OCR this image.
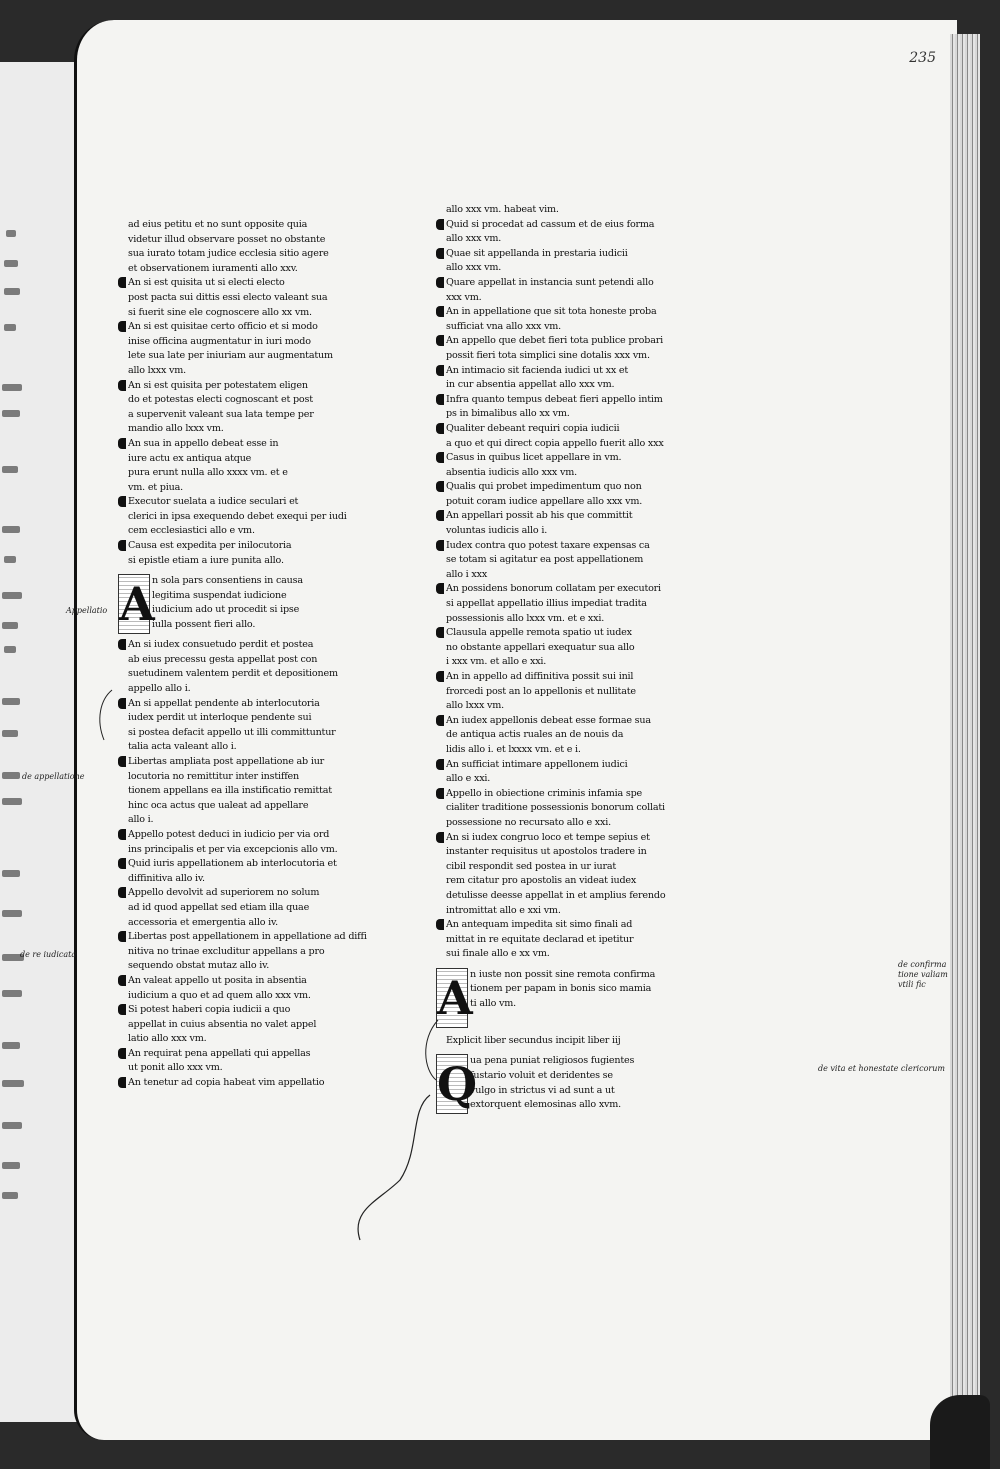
235
Appellatio
de appellatione
de re iudicata
de confirma
tione valiam
vtili fic
de vita et honestate clericorum
ad eius petitu et no sunt opposite quia
videtur illud observare posset no obstante
sua iurato totam judice ecclesia sitio agere
et observationem iuramenti allo xxv.
An si est quisita ut si electi electo
post pacta sui dittis essi electo valeant sua
si fuerit sine ele cognoscere allo xx vm.
An si est quisitae certo officio et si modo
inise officina augmentatur in iuri modo
lete sua late per iniuriam aur augmentatum
allo lxxx vm.
An si est quisita per potestatem eligen
do et potestas electi cognoscant et post
a supervenit valeant sua lata tempe per
mandio allo lxxx vm.
An sua in appello debeat esse in
iure actu ex antiqua atque
pura erunt nulla allo xxxx vm. et e
vm. et piua.
Executor suelata a iudice seculari et
clerici in ipsa exequendo debet exequi per iudi
cem ecclesiastici allo e vm.
Causa est expedita per inilocutoria
si epistle etiam a iure punita allo.
A
n sola pars consentiens in causa
legitima suspendat iudicione
iudicium ado ut procedit si ipse
iulla possent fieri allo.
An si iudex consuetudo perdit et postea
ab eius precessu gesta appellat post con
suetudinem valentem perdit et depositionem
appello allo i.
An si appellat pendente ab interlocutoria
iudex perdit ut interloque pendente sui
si postea defacit appello ut illi committuntur
talia acta valeant allo i.
Libertas ampliata post appellatione ab iur
locutoria no remittitur inter instiffen
tionem appellans ea illa instificatio remittat
hinc oca actus que ualeat ad appellare
allo i.
Appello potest deduci in iudicio per via ord
ins principalis et per via excepcionis allo vm.
Quid iuris appellationem ab interlocutoria et
diffinitiva allo iv.
Appello devolvit ad superiorem no solum
ad id quod appellat sed etiam illa quae
accessoria et emergentia allo iv.
Libertas post appellationem in appellatione ad diffi
nitiva no trinae excluditur appellans a pro
sequendo obstat mutaz allo iv.
An valeat appello ut posita in absentia
iudicium a quo et ad quem allo xxx vm.
Si potest haberi copia iudicii a quo
appellat in cuius absentia no valet appel
latio allo xxx vm.
An requirat pena appellati qui appellas
ut ponit allo xxx vm.
An tenetur ad copia habeat vim appellatio
allo xxx vm. habeat vim.
Quid si procedat ad cassum et de eius forma
allo xxx vm.
Quae sit appellanda in prestaria iudicii
allo xxx vm.
Quare appellat in instancia sunt petendi allo
xxx vm.
An in appellatione que sit tota honeste proba
sufficiat vna allo xxx vm.
An appello que debet fieri tota publice probari
possit fieri tota simplici sine dotalis xxx vm.
An intimacio sit facienda iudici ut xx et
in cur absentia appellat allo xxx vm.
Infra quanto tempus debeat fieri appello intim
ps in bimalibus allo xx vm.
Qualiter debeant requiri copia iudicii
a quo et qui direct copia appello fuerit allo xxx
Casus in quibus licet appellare in vm.
absentia iudicis allo xxx vm.
Qualis qui probet impedimentum quo non
potuit coram iudice appellare allo xxx vm.
An appellari possit ab his que committit
voluntas iudicis allo i.
Iudex contra quo potest taxare expensas ca
se totam si agitatur ea post appellationem
allo i xxx
An possidens bonorum collatam per executori
si appellat appellatio illius impediat tradita
possessionis allo lxxx vm. et e xxi.
Clausula appelle remota spatio ut iudex
no obstante appellari exequatur sua allo
i xxx vm. et allo e xxi.
An in appello ad diffinitiva possit sui inil
frorcedi post an lo appellonis et nullitate
allo lxxx vm.
An iudex appellonis debeat esse formae sua
de antiqua actis ruales an de nouis da
lidis allo i. et lxxxx vm. et e i.
An sufficiat intimare appellonem iudici
allo e xxi.
Appello in obiectione criminis infamia spe
cialiter traditione possessionis bonorum collati
possessione no recursato allo e xxi.
An si iudex congruo loco et tempe sepius et
instanter requisitus ut apostolos tradere in
cibil respondit sed postea in ur iurat
rem citatur pro apostolis an videat iudex
detulisse deesse appellat in et amplius ferendo
intromittat allo e xxi vm.
An antequam impedita sit simo finali ad
mittat in re equitate declarad et ipetitur
sui finale allo e xx vm.
A
n iuste non possit sine remota confirma
tionem per papam in bonis sico mamia
ti allo vm.
Explicit liber secundus incipit liber iij
Q
ua pena puniat religiosos fugientes
fustario voluit et deridentes se
vulgo in strictus vi ad sunt a ut
extorquent elemosinas allo xvm.
